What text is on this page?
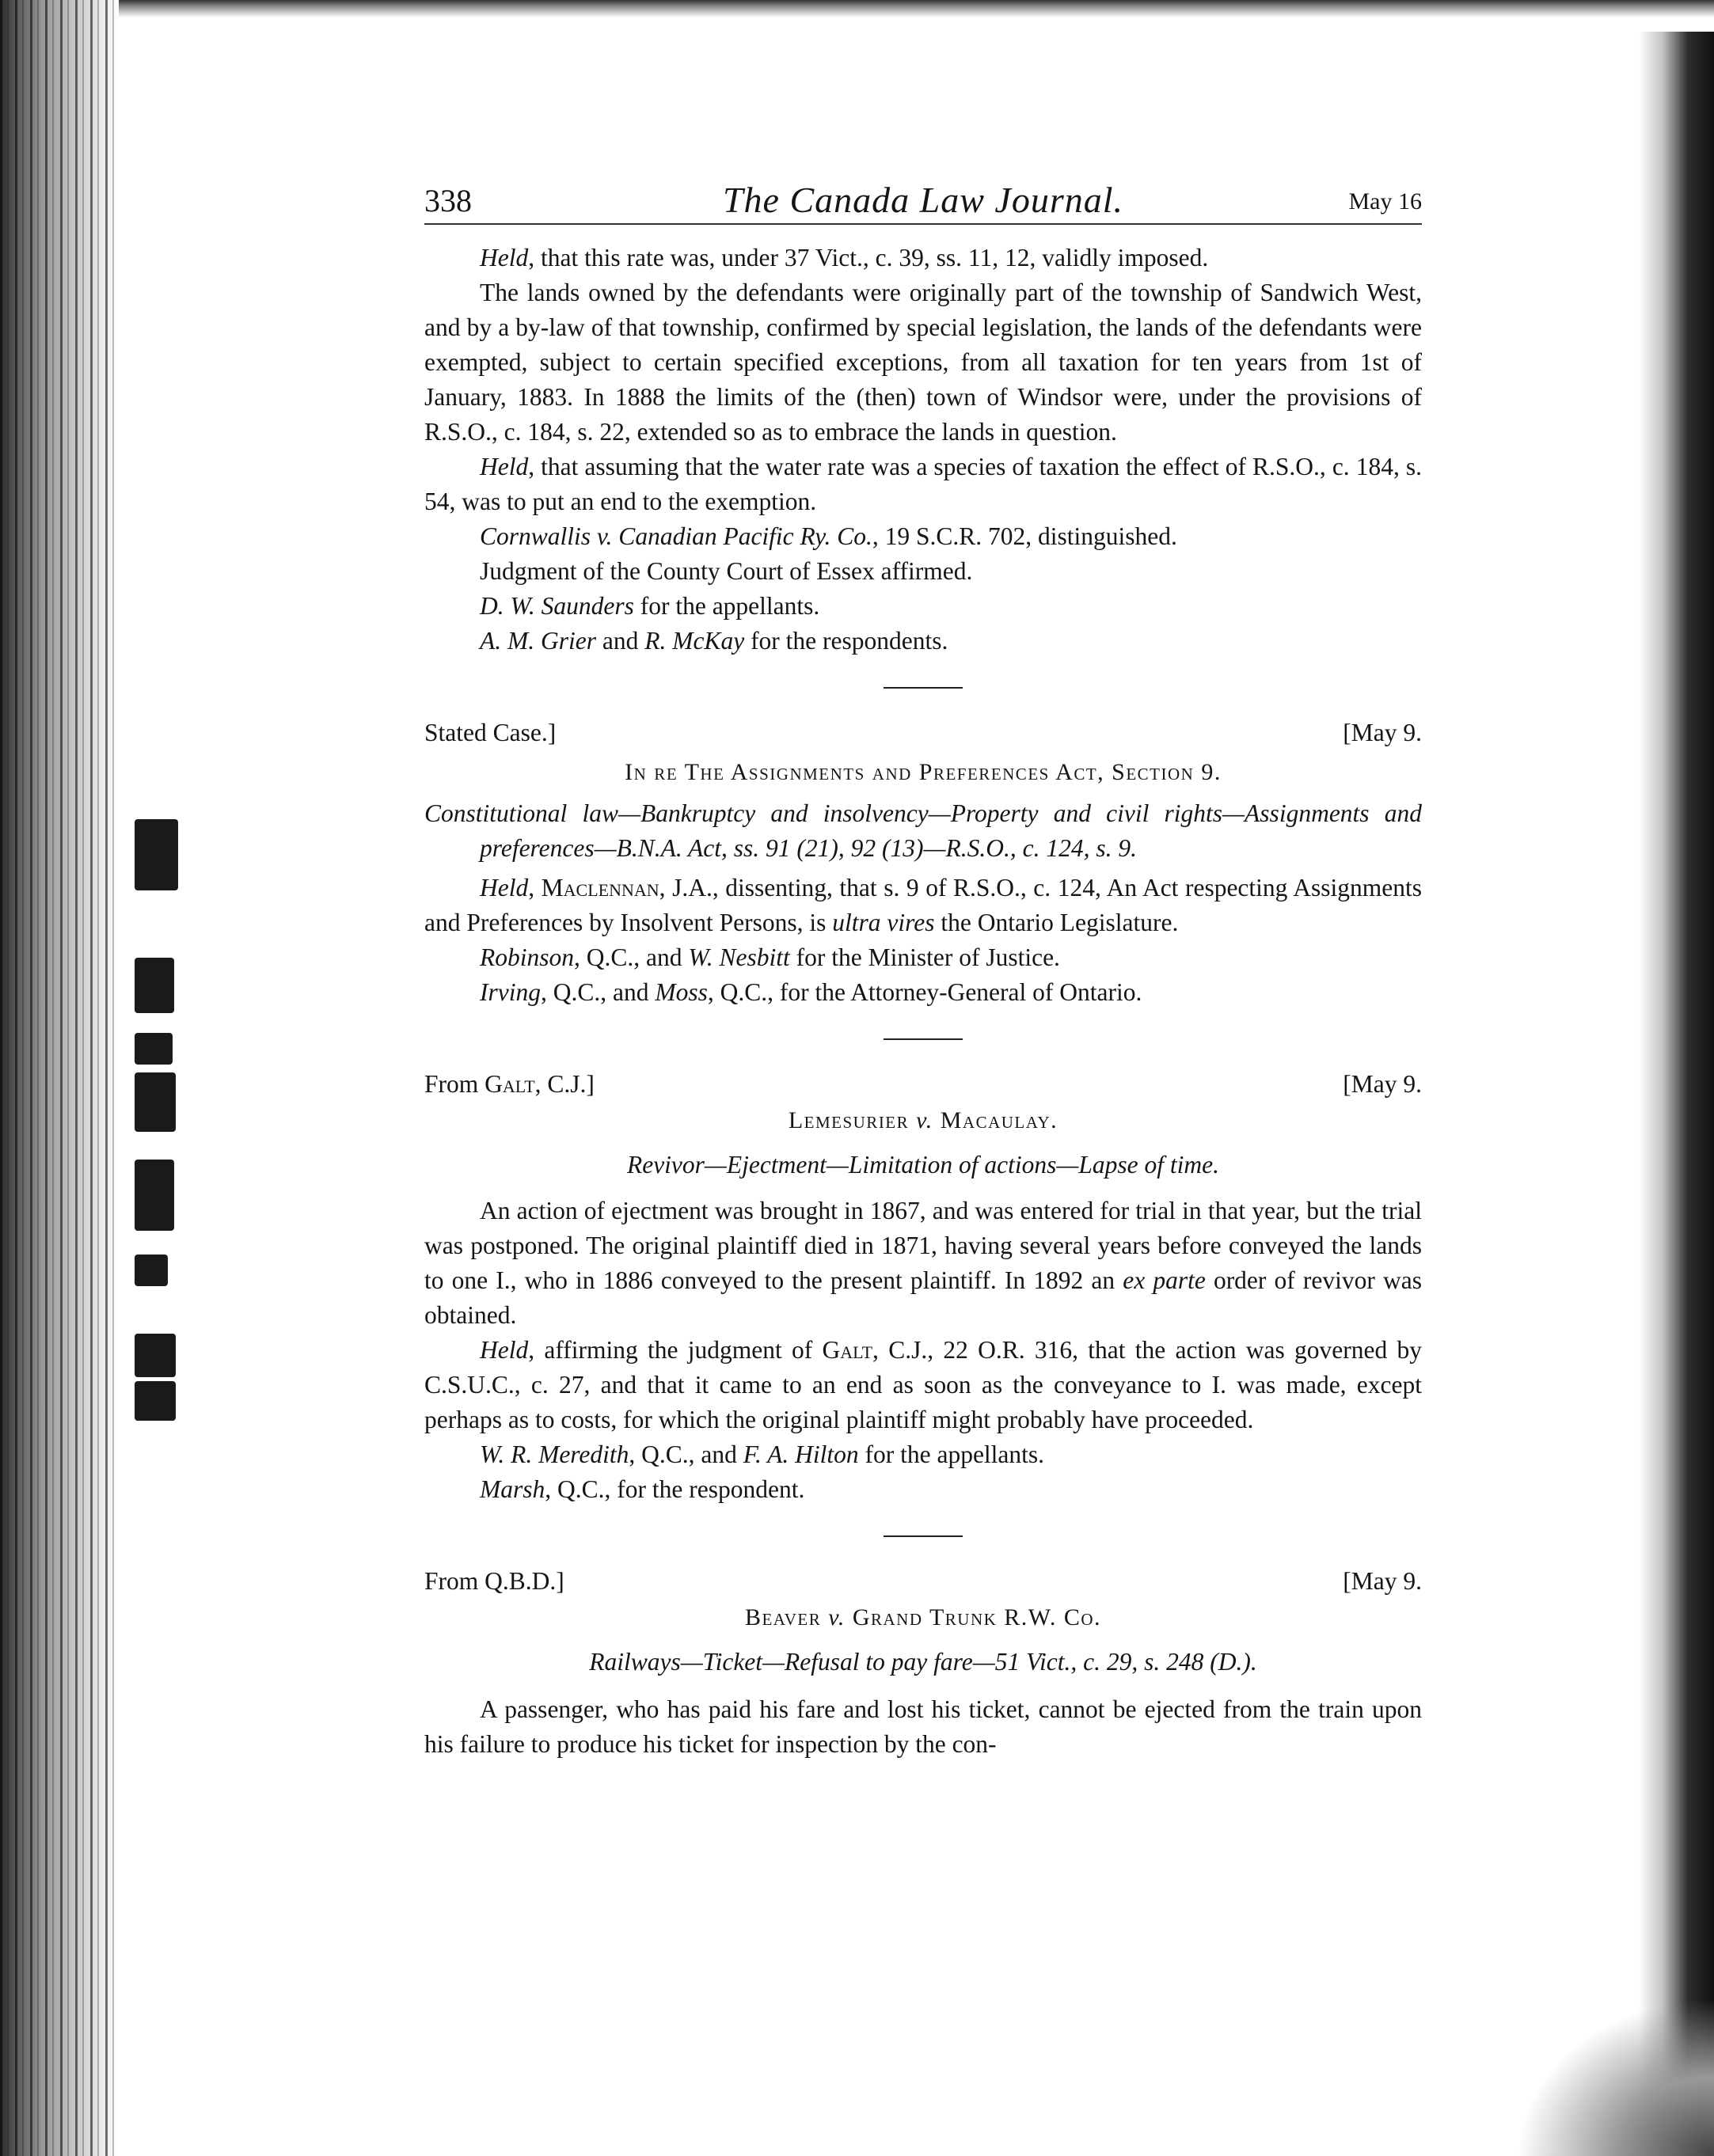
338	The Canada Law Journal.	May 16

Held, that this rate was, under 37 Vict., c. 39, ss. 11, 12, validly imposed.

The lands owned by the defendants were originally part of the township of Sandwich West, and by a by-law of that township, confirmed by special legislation, the lands of the defendants were exempted, subject to certain specified exceptions, from all taxation for ten years from 1st of January, 1883. In 1888 the limits of the (then) town of Windsor were, under the provisions of R.S.O., c. 184, s. 22, extended so as to embrace the lands in question.

Held, that assuming that the water rate was a species of taxation the effect of R.S.O., c. 184, s. 54, was to put an end to the exemption.

Cornwallis v. Canadian Pacific Ry. Co., 19 S.C.R. 702, distinguished.

Judgment of the County Court of Essex affirmed.

D. W. Saunders for the appellants.

A. M. Grier and R. McKay for the respondents.

Stated Case.]	[May 9.
In re The Assignments and Preferences Act, Section 9.

Constitutional law—Bankruptcy and insolvency—Property and civil rights—Assignments and preferences—B.N.A. Act, ss. 91 (21), 92 (13)—R.S.O., c. 124, s. 9.

Held, Maclennan, J.A., dissenting, that s. 9 of R.S.O., c. 124, An Act respecting Assignments and Preferences by Insolvent Persons, is ultra vires the Ontario Legislature.

Robinson, Q.C., and W. Nesbitt for the Minister of Justice.

Irving, Q.C., and Moss, Q.C., for the Attorney-General of Ontario.

From Galt, C.J.]	[May 9.
Lemesurier v. Macaulay.
Revivor—Ejectment—Limitation of actions—Lapse of time.

An action of ejectment was brought in 1867, and was entered for trial in that year, but the trial was postponed. The original plaintiff died in 1871, having several years before conveyed the lands to one I., who in 1886 conveyed to the present plaintiff. In 1892 an ex parte order of revivor was obtained.

Held, affirming the judgment of Galt, C.J., 22 O.R. 316, that the action was governed by C.S.U.C., c. 27, and that it came to an end as soon as the conveyance to I. was made, except perhaps as to costs, for which the original plaintiff might probably have proceeded.

W. R. Meredith, Q.C., and F. A. Hilton for the appellants.

Marsh, Q.C., for the respondent.

From Q.B.D.]	[May 9.
Beaver v. Grand Trunk R.W. Co.
Railways—Ticket—Refusal to pay fare—51 Vict., c. 29, s. 248 (D.).

A passenger, who has paid his fare and lost his ticket, cannot be ejected from the train upon his failure to produce his ticket for inspection by the con-
